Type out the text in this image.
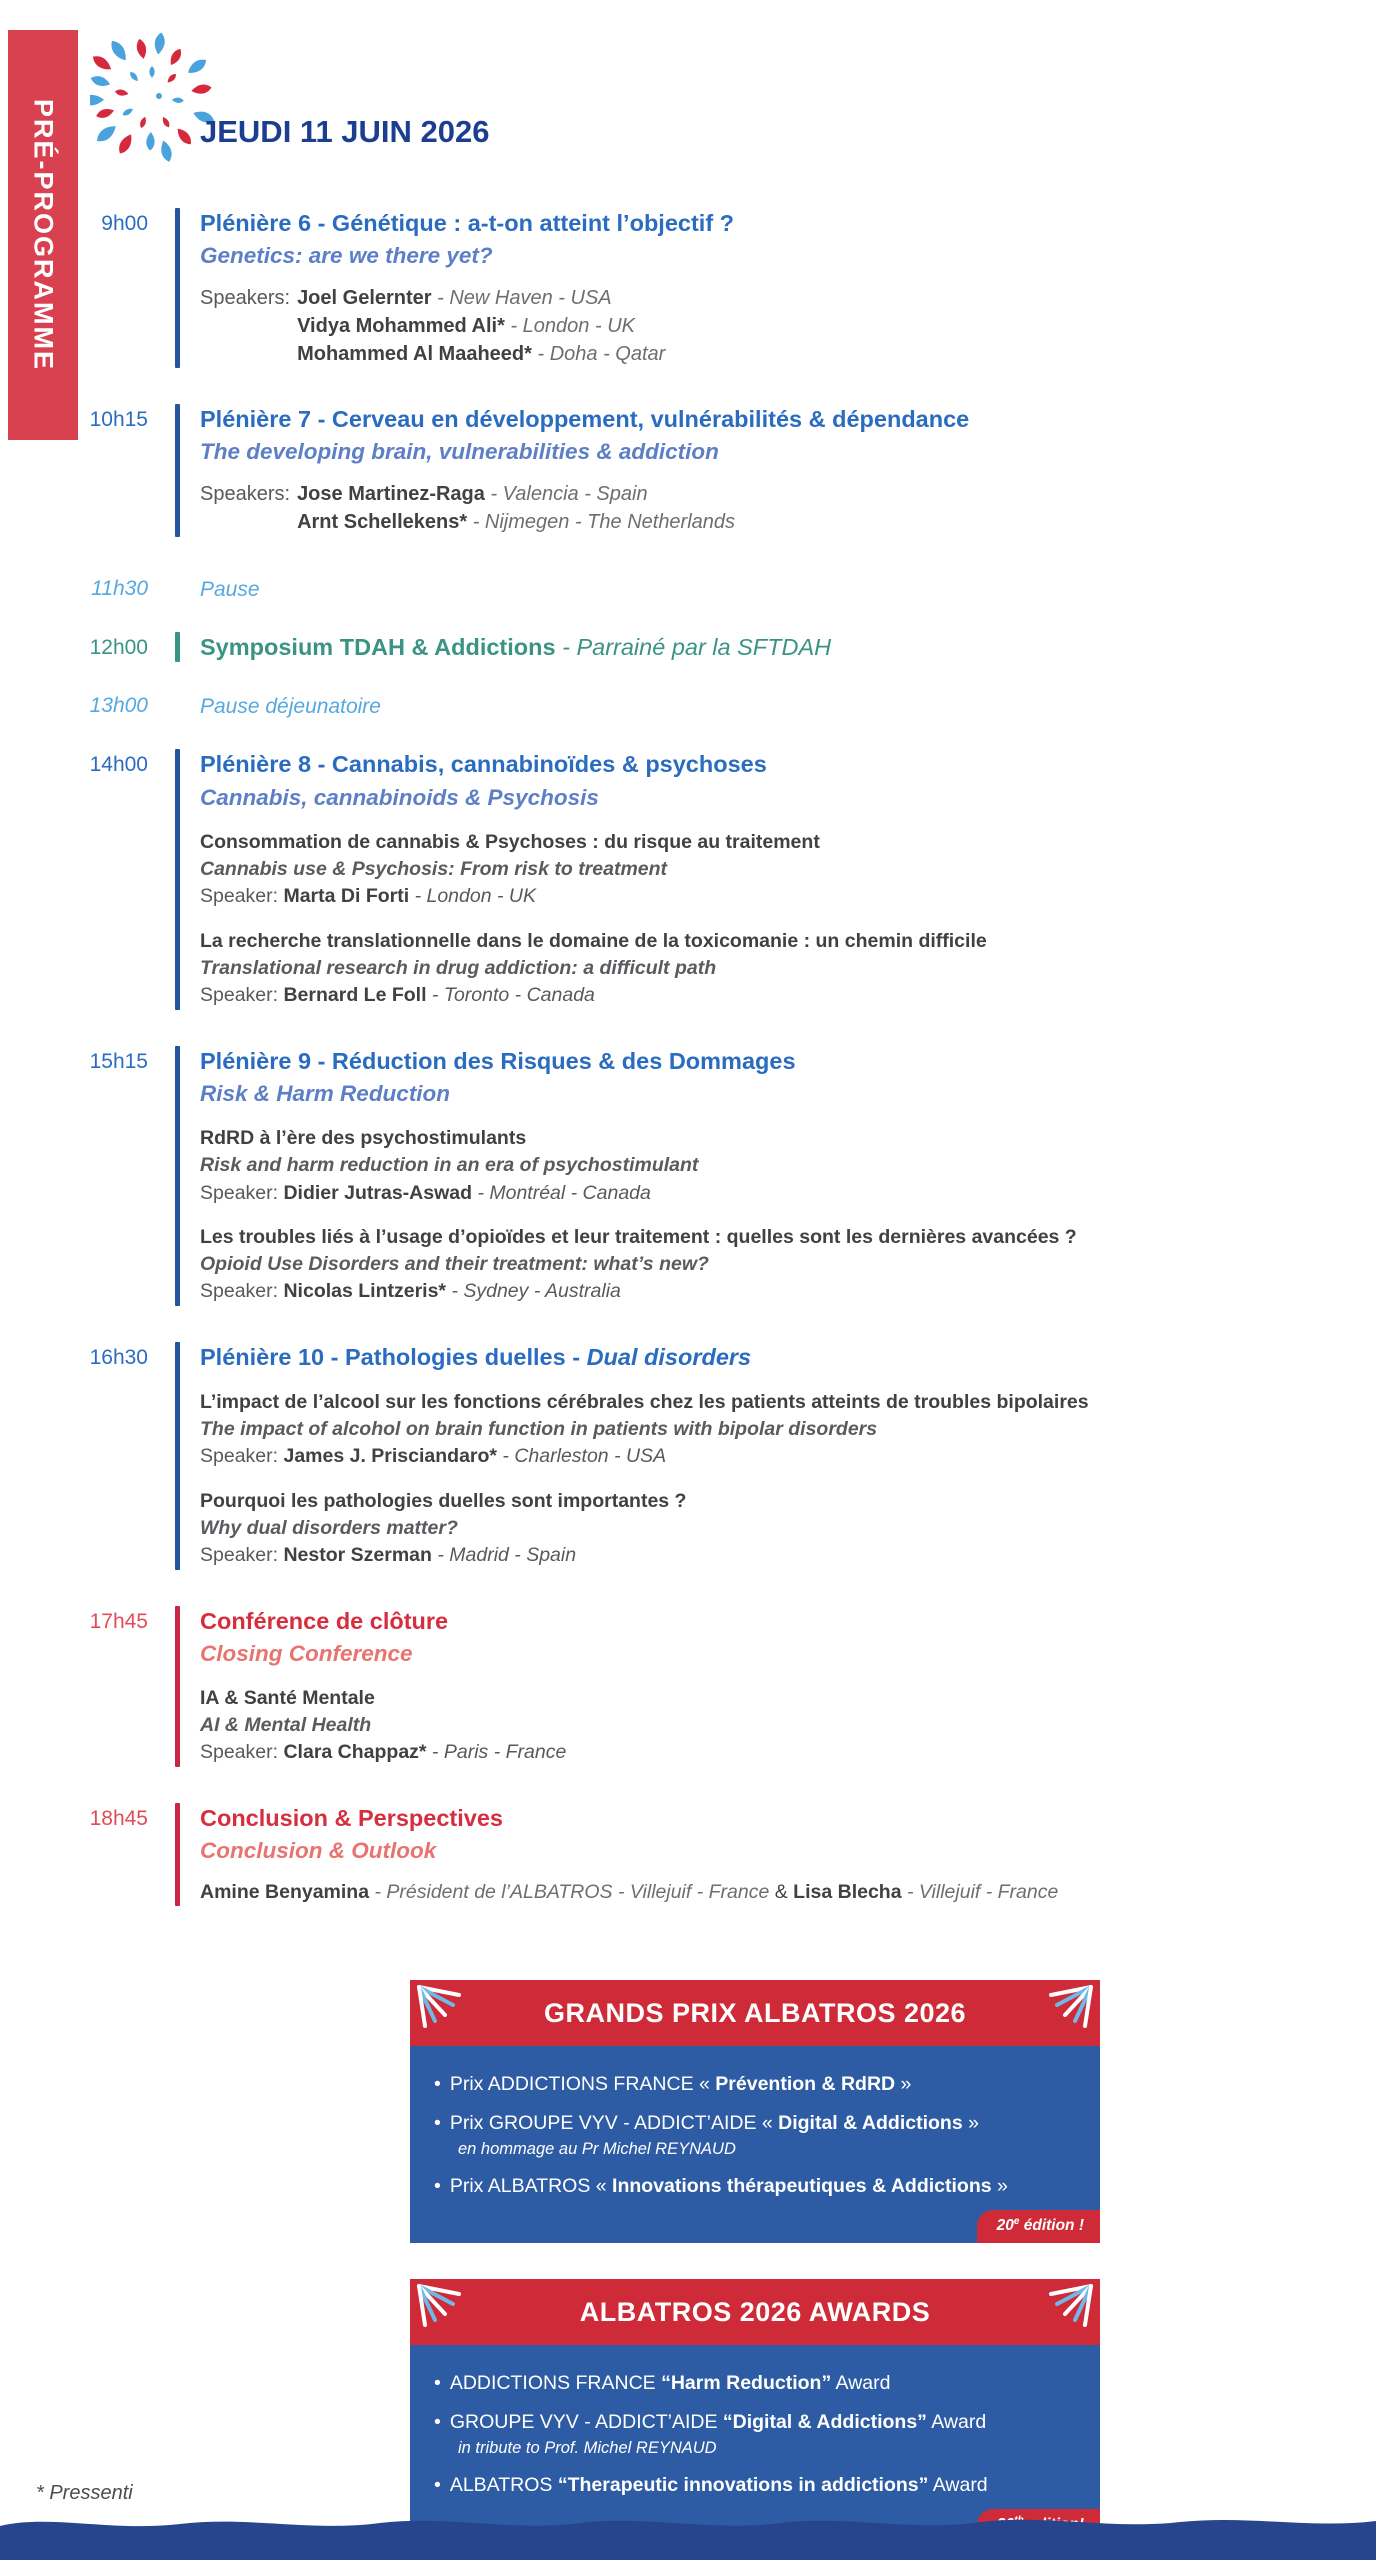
PRÉ-PROGRAMME	JEUDI 11 JUIN 2026
9h00 Plénière 6 - Génétique : a-t-on atteint l’objectif ?
Genetics: are we there yet?
Speakers: Joel Gelernter - New Haven - USA
Vidya Mohammed Ali* - London - UK
Mohammed Al Maaheed* - Doha - Qatar
10h15 Plénière 7 - Cerveau en développement, vulnérabilités & dépendance
The developing brain, vulnerabilities & addiction
Speakers: Jose Martinez-Raga - Valencia - Spain
Arnt Schellekens* - Nijmegen - The Netherlands
11h30 Pause
12h00 Symposium TDAH & Addictions - Parrainé par la SFTDAH
13h00 Pause déjeunatoire
14h00 Plénière 8 - Cannabis, cannabinoïdes & psychoses
Cannabis, cannabinoids & Psychosis
Consommation de cannabis & Psychoses : du risque au traitement
Cannabis use & Psychosis: From risk to treatment
Speaker: Marta Di Forti - London - UK
La recherche translationnelle dans le domaine de la toxicomanie : un chemin difficile
Translational research in drug addiction: a difficult path
Speaker: Bernard Le Foll - Toronto - Canada
15h15 Plénière 9 - Réduction des Risques & des Dommages
Risk & Harm Reduction
RdRD à l’ère des psychostimulants
Risk and harm reduction in an era of psychostimulant
Speaker: Didier Jutras-Aswad - Montréal - Canada
Les troubles liés à l’usage d’opioïdes et leur traitement : quelles sont les dernières avancées ?
Opioid Use Disorders and their treatment: what’s new?
Speaker: Nicolas Lintzeris* - Sydney - Australia
16h30 Plénière 10 - Pathologies duelles - Dual disorders
L’impact de l’alcool sur les fonctions cérébrales chez les patients atteints de troubles bipolaires
The impact of alcohol on brain function in patients with bipolar disorders
Speaker: James J. Prisciandaro* - Charleston - USA
Pourquoi les pathologies duelles sont importantes ?
Why dual disorders matter?
Speaker: Nestor Szerman - Madrid - Spain
17h45 Conférence de clôture
Closing Conference
IA & Santé Mentale
AI & Mental Health
Speaker: Clara Chappaz* - Paris - France
18h45 Conclusion & Perspectives
Conclusion & Outlook
Amine Benyamina - Président de l’ALBATROS - Villejuif - France & Lisa Blecha - Villejuif - France
GRANDS PRIX ALBATROS 2026
• Prix ADDICTIONS FRANCE « Prévention & RdRD »
• Prix GROUPE VYV - ADDICT’AIDE « Digital & Addictions »
en hommage au Pr Michel REYNAUD
• Prix ALBATROS « Innovations thérapeutiques & Addictions »
20e édition !
ALBATROS 2026 AWARDS
• ADDICTIONS FRANCE “Harm Reduction” Award
• GROUPE VYV - ADDICT’AIDE “Digital & Addictions” Award
in tribute to Prof. Michel REYNAUD
• ALBATROS “Therapeutic innovations in addictions” Award
* Pressenti
